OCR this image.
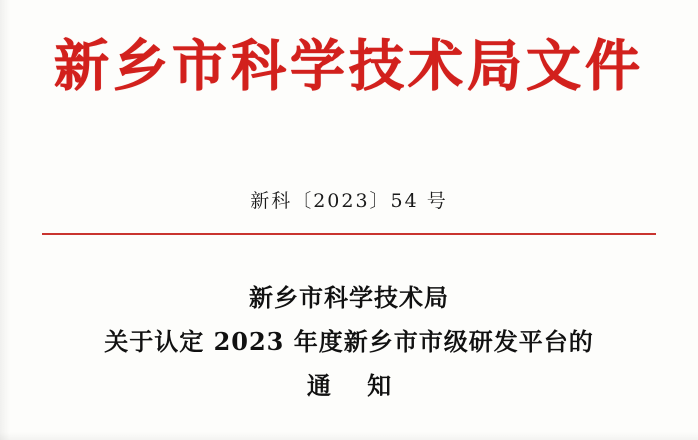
新乡市科学技术局文件
新科〔2023〕54 号
新乡市科学技术局
关于认定 2023 年度新乡市市级研发平台的
通 知
